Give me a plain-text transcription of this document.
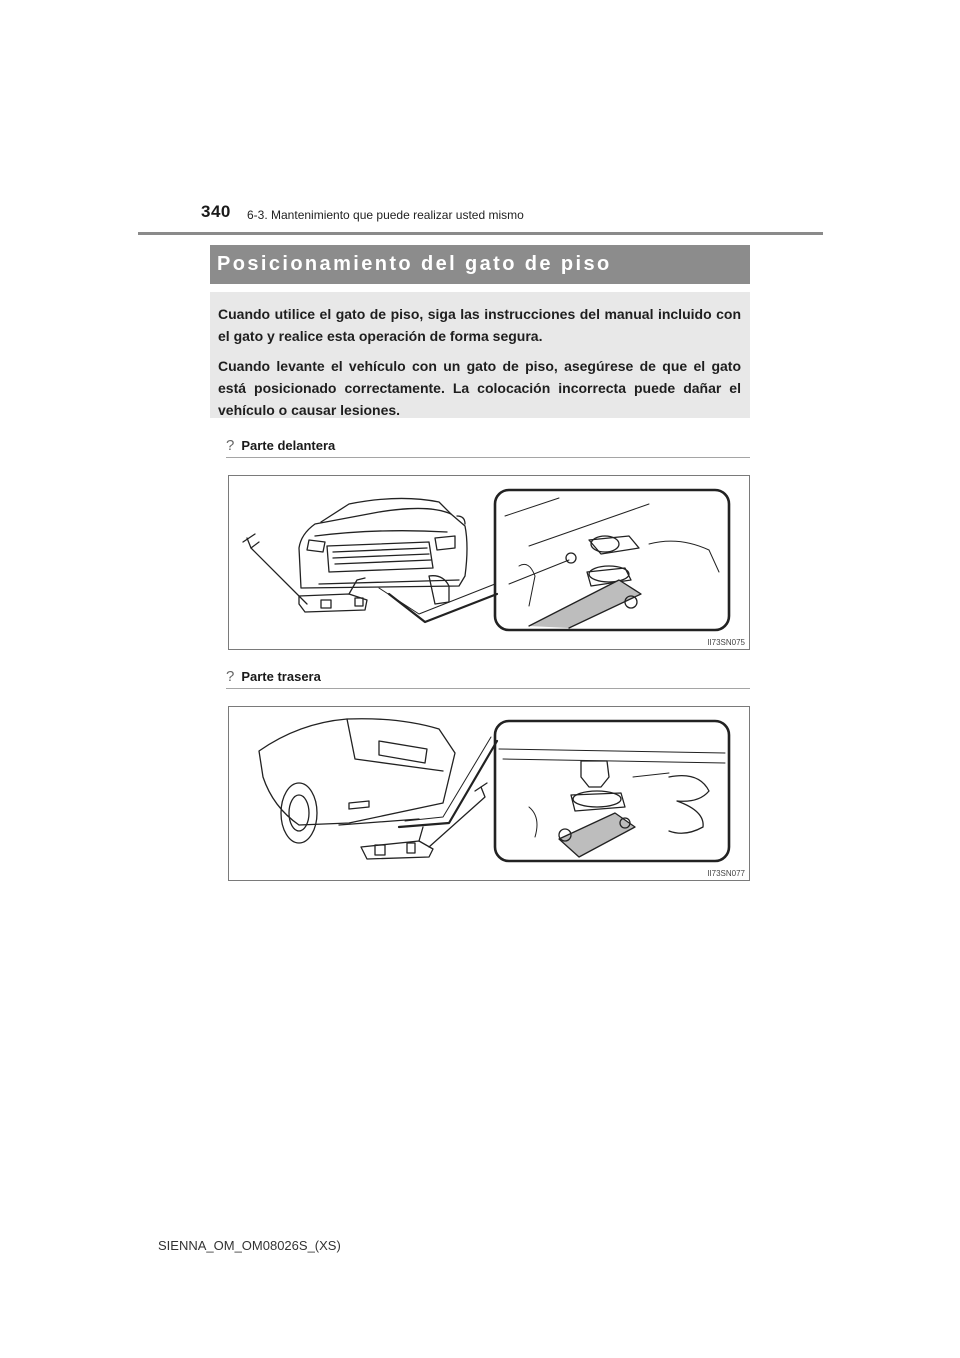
340 6-3. Mantenimiento que puede realizar usted mismo
Posicionamiento del gato de piso

Cuando utilice el gato de piso, siga las instrucciones del manual incluido con el gato y realice esta operación de forma segura.

Cuando levante el vehículo con un gato de piso, asegúrese de que el gato está posicionado correctamente. La colocación incorrecta puede dañar el vehículo o causar lesiones.

? Parte delantera
II73SN075
? Parte trasera
II73SN077
SIENNA_OM_OM08026S_(XS)
